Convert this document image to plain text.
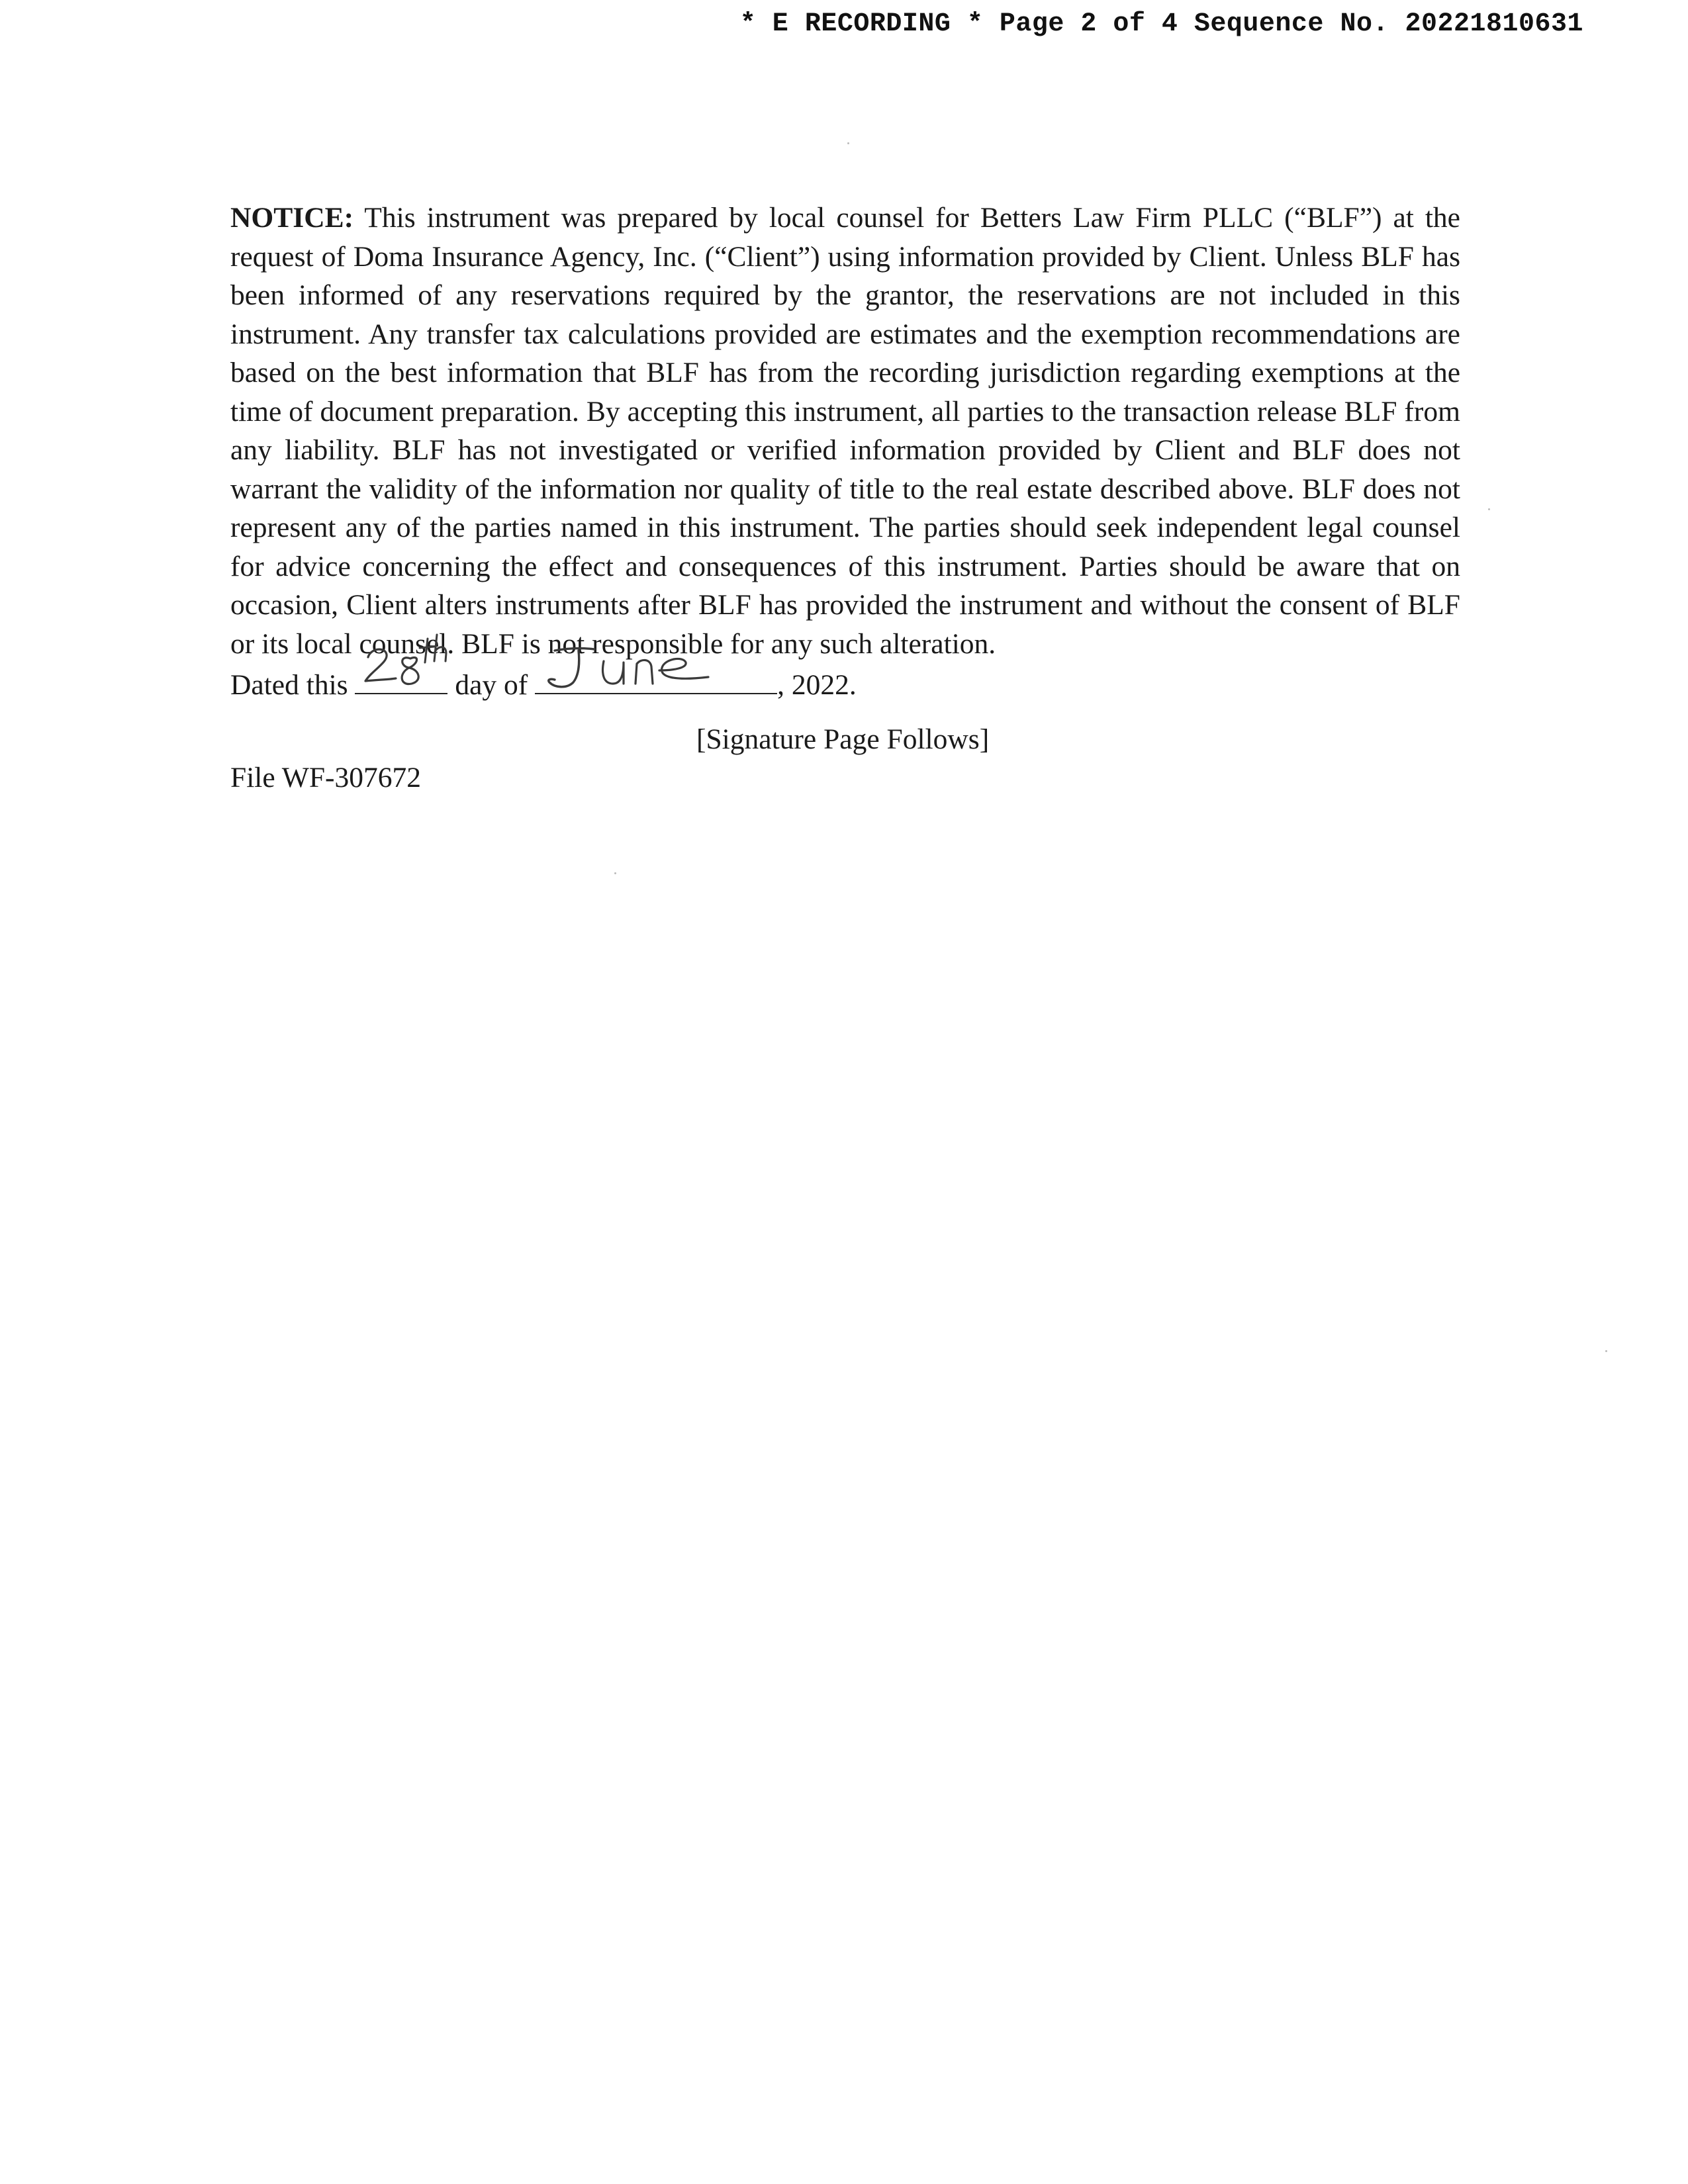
* E RECORDING * Page 2 of 4 Sequence No. 20221810631

NOTICE: This instrument was prepared by local counsel for Betters Law Firm PLLC (“BLF”) at the request of Doma Insurance Agency, Inc. (“Client”) using information provided by Client. Unless BLF has been informed of any reservations required by the grantor, the reservations are not included in this instrument. Any transfer tax calculations provided are estimates and the exemption recommendations are based on the best information that BLF has from the recording jurisdiction regarding exemptions at the time of document preparation. By accepting this instrument, all parties to the transaction release BLF from any liability. BLF has not investigated or verified information provided by Client and BLF does not warrant the validity of the information nor quality of title to the real estate described above. BLF does not represent any of the parties named in this instrument. The parties should seek independent legal counsel for advice concerning the effect and consequences of this instrument. Parties should be aware that on occasion, Client alters instruments after BLF has provided the instrument and without the consent of BLF or its local counsel. BLF is not responsible for any such alteration.

Dated this	day of	, 2022.
[Signature Page Follows]
File WF-307672
